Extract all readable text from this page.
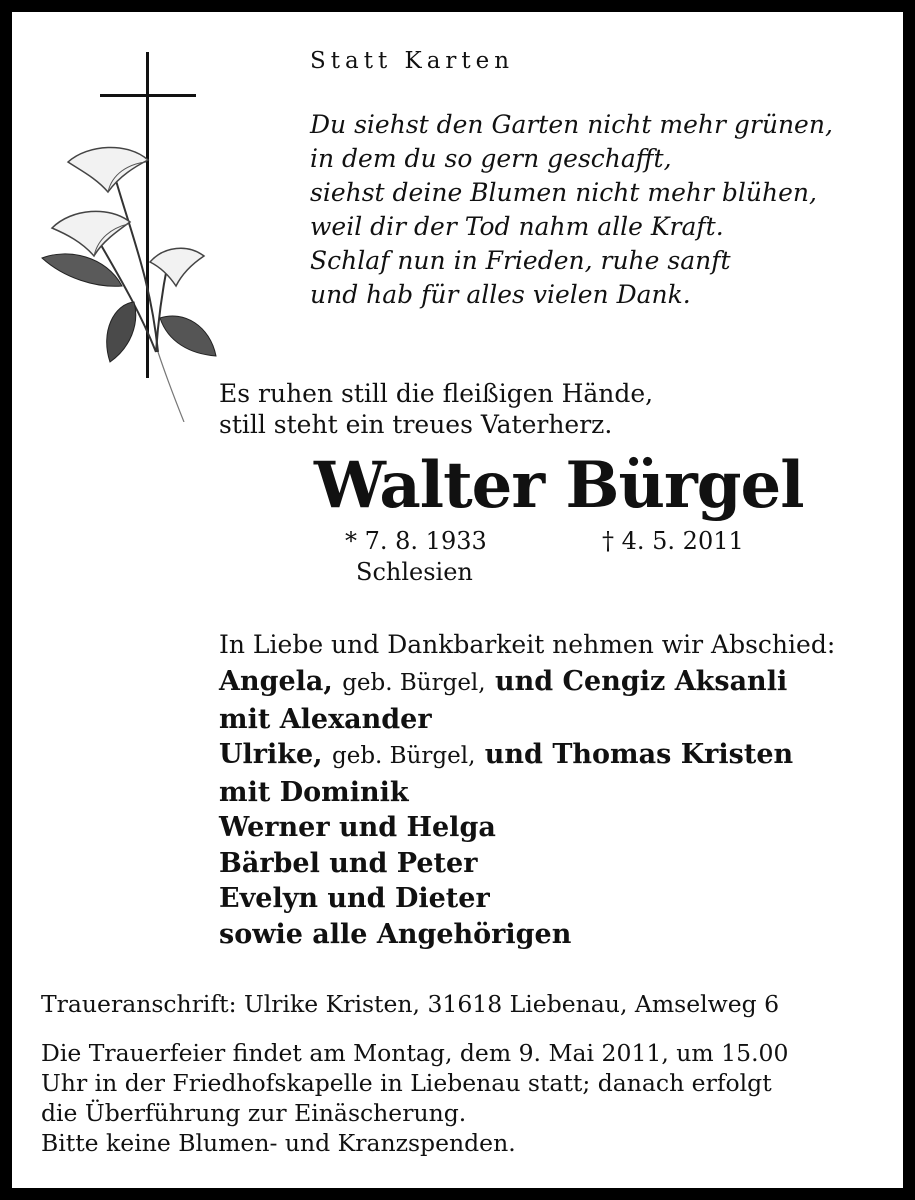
Statt Karten
Du siehst den Garten nicht mehr grünen,
in dem du so gern geschafft,
siehst deine Blumen nicht mehr blühen,
weil dir der Tod nahm alle Kraft.
Schlaf nun in Frieden, ruhe sanft
und hab für alles vielen Dank.
Es ruhen still die fleißigen Hände,
still steht ein treues Vaterherz.
Walter Bürgel
* 7. 8. 1933	† 4. 5. 2011
Schlesien
In Liebe und Dankbarkeit nehmen wir Abschied:
Angela, geb. Bürgel, und Cengiz Aksanli
mit Alexander
Ulrike, geb. Bürgel, und Thomas Kristen
mit Dominik
Werner und Helga
Bärbel und Peter
Evelyn und Dieter
sowie alle Angehörigen
Traueranschrift: Ulrike Kristen, 31618 Liebenau, Amselweg 6
Die Trauerfeier findet am Montag, dem 9. Mai 2011, um 15.00
Uhr in der Friedhofskapelle in Liebenau statt; danach erfolgt
die Überführung zur Einäscherung.
Bitte keine Blumen- und Kranzspenden.
